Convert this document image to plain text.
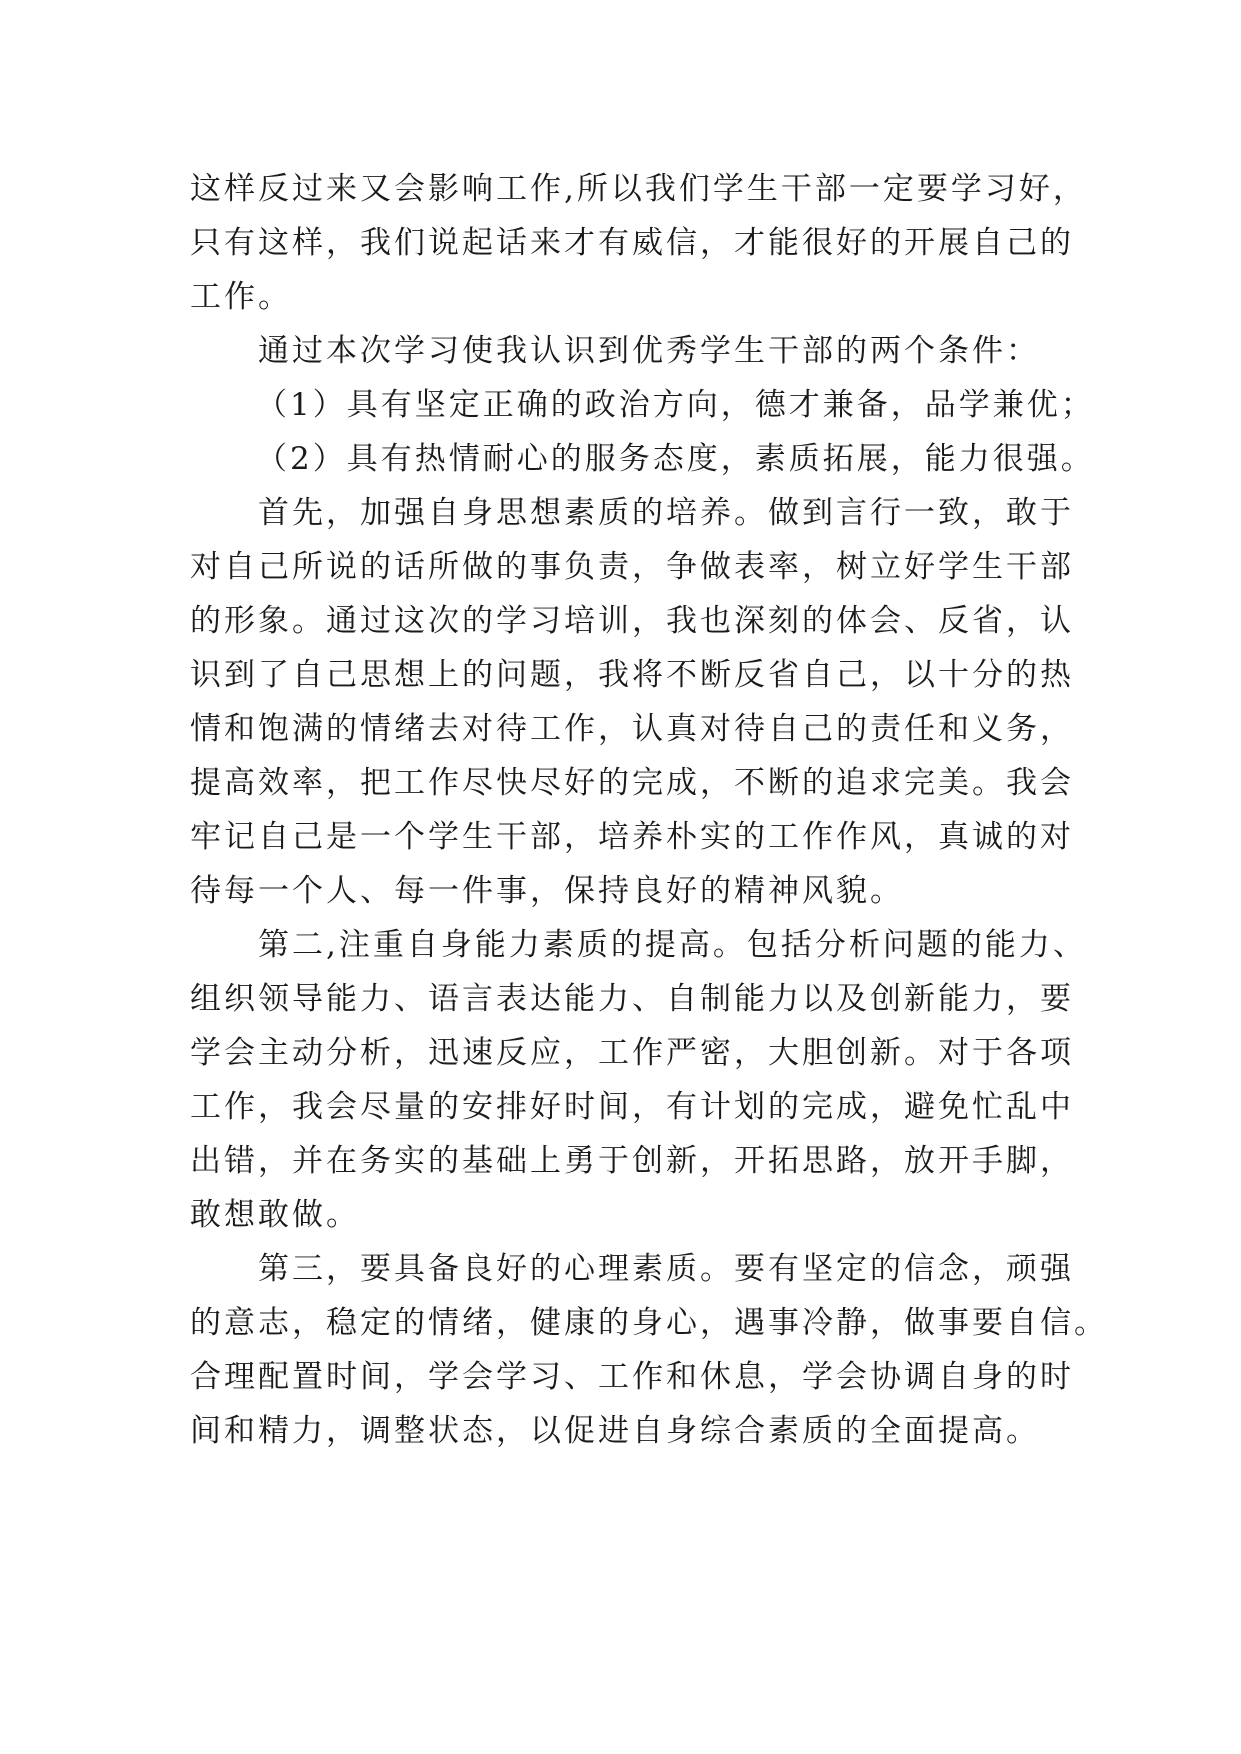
这样反过来又会影响工作,所以我们学生干部一定要学习好，
只有这样，我们说起话来才有威信，才能很好的开展自己的
工作。
通过本次学习使我认识到优秀学生干部的两个条件：
（1）具有坚定正确的政治方向，德才兼备，品学兼优；
（2）具有热情耐心的服务态度，素质拓展，能力很强。
首先，加强自身思想素质的培养。做到言行一致，敢于
对自己所说的话所做的事负责，争做表率，树立好学生干部
的形象。通过这次的学习培训，我也深刻的体会、反省，认
识到了自己思想上的问题，我将不断反省自己，以十分的热
情和饱满的情绪去对待工作，认真对待自己的责任和义务，
提高效率，把工作尽快尽好的完成，不断的追求完美。我会
牢记自己是一个学生干部，培养朴实的工作作风，真诚的对
待每一个人、每一件事，保持良好的精神风貌。
第二,注重自身能力素质的提高。包括分析问题的能力、
组织领导能力、语言表达能力、自制能力以及创新能力，要
学会主动分析，迅速反应，工作严密，大胆创新。对于各项
工作，我会尽量的安排好时间，有计划的完成，避免忙乱中
出错，并在务实的基础上勇于创新，开拓思路，放开手脚，
敢想敢做。
第三，要具备良好的心理素质。要有坚定的信念，顽强
的意志，稳定的情绪，健康的身心，遇事冷静，做事要自信。
合理配置时间，学会学习、工作和休息，学会协调自身的时
间和精力，调整状态，以促进自身综合素质的全面提高。
